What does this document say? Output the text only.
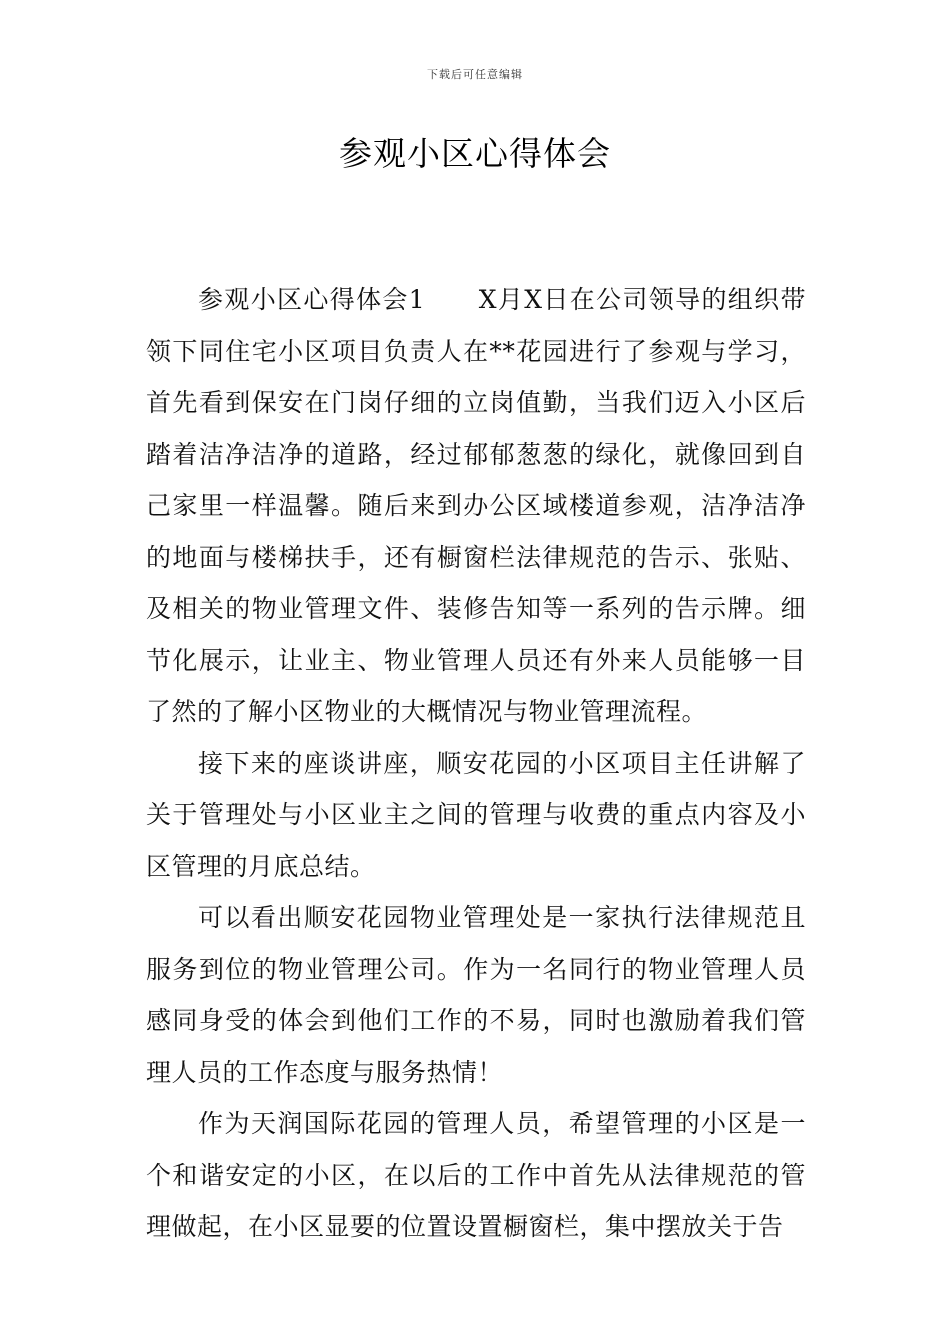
下载后可任意编辑
参观小区心得体会

参观小区心得体会1　　X月X日在公司领导的组织带领下同住宅小区项目负责人在**花园进行了参观与学习，首先看到保安在门岗仔细的立岗值勤，当我们迈入小区后踏着洁净洁净的道路，经过郁郁葱葱的绿化，就像回到自己家里一样温馨。随后来到办公区域楼道参观，洁净洁净的地面与楼梯扶手，还有橱窗栏法律规范的告示、张贴、及相关的物业管理文件、装修告知等一系列的告示牌。细节化展示，让业主、物业管理人员还有外来人员能够一目了然的了解小区物业的大概情况与物业管理流程。

接下来的座谈讲座，顺安花园的小区项目主任讲解了关于管理处与小区业主之间的管理与收费的重点内容及小区管理的月底总结。

可以看出顺安花园物业管理处是一家执行法律规范且服务到位的物业管理公司。作为一名同行的物业管理人员感同身受的体会到他们工作的不易，同时也激励着我们管理人员的工作态度与服务热情！

作为天润国际花园的管理人员，希望管理的小区是一个和谐安定的小区，在以后的工作中首先从法律规范的管理做起，在小区显要的位置设置橱窗栏，集中摆放关于告
